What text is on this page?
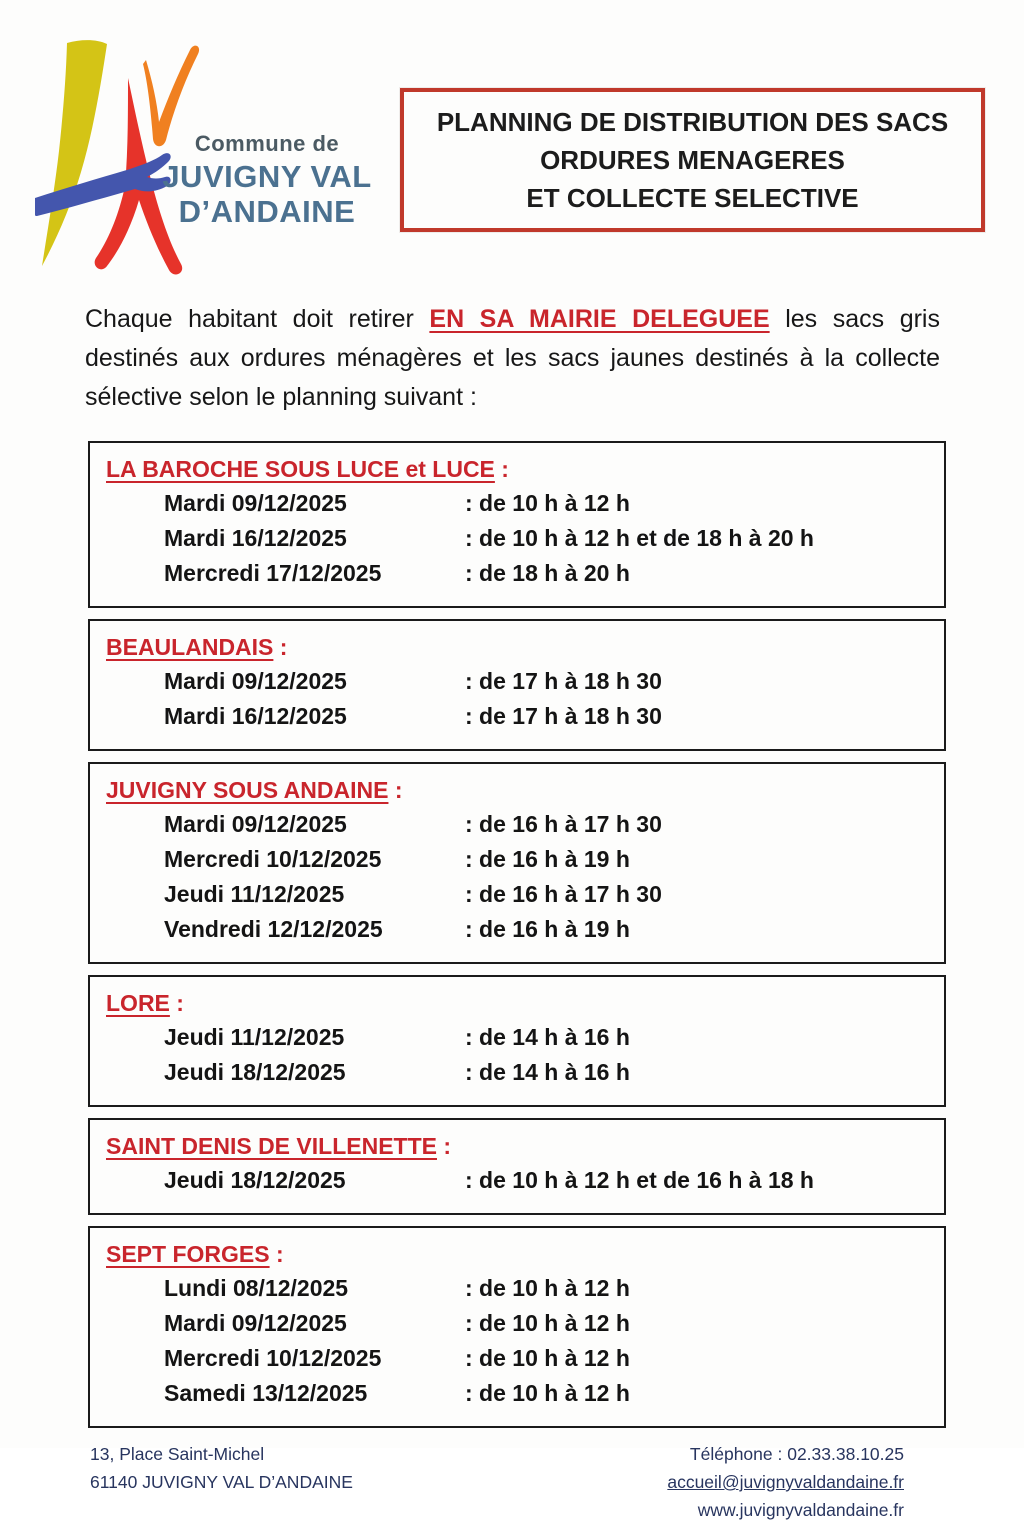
Commune de
JUVIGNY VAL
D’ANDAINE
PLANNING DE DISTRIBUTION DES SACS
ORDURES MENAGERES
ET COLLECTE SELECTIVE

Chaque habitant doit retirer EN SA MAIRIE DELEGUEE les sacs gris destinés aux ordures ménagères et les sacs jaunes destinés à la collecte sélective selon le planning suivant :

LA BAROCHE SOUS LUCE et LUCE :
Mardi 09/12/2025	: de 10 h à 12 h
Mardi 16/12/2025	: de 10 h à 12 h et de 18 h à 20 h
Mercredi 17/12/2025	: de 18 h à 20 h
BEAULANDAIS :
Mardi 09/12/2025	: de 17 h à 18 h 30
Mardi 16/12/2025	: de 17 h à 18 h 30
JUVIGNY SOUS ANDAINE :
Mardi 09/12/2025	: de 16 h à 17 h 30
Mercredi 10/12/2025	: de 16 h à 19 h
Jeudi 11/12/2025	: de 16 h à 17 h 30
Vendredi 12/12/2025	: de 16 h à 19 h
LORE :
Jeudi 11/12/2025	: de 14 h à 16 h
Jeudi 18/12/2025	: de 14 h à 16 h
SAINT DENIS DE VILLENETTE :
Jeudi 18/12/2025	: de 10 h à 12 h et de 16 h à 18 h
SEPT FORGES :
Lundi 08/12/2025	: de 10 h à 12 h
Mardi 09/12/2025	: de 10 h à 12 h
Mercredi 10/12/2025	: de 10 h à 12 h
Samedi 13/12/2025	: de 10 h à 12 h
13, Place Saint-Michel
61140 JUVIGNY VAL D’ANDAINE
Téléphone : 02.33.38.10.25
accueil@juvignyvaldandaine.fr
www.juvignyvaldandaine.fr
